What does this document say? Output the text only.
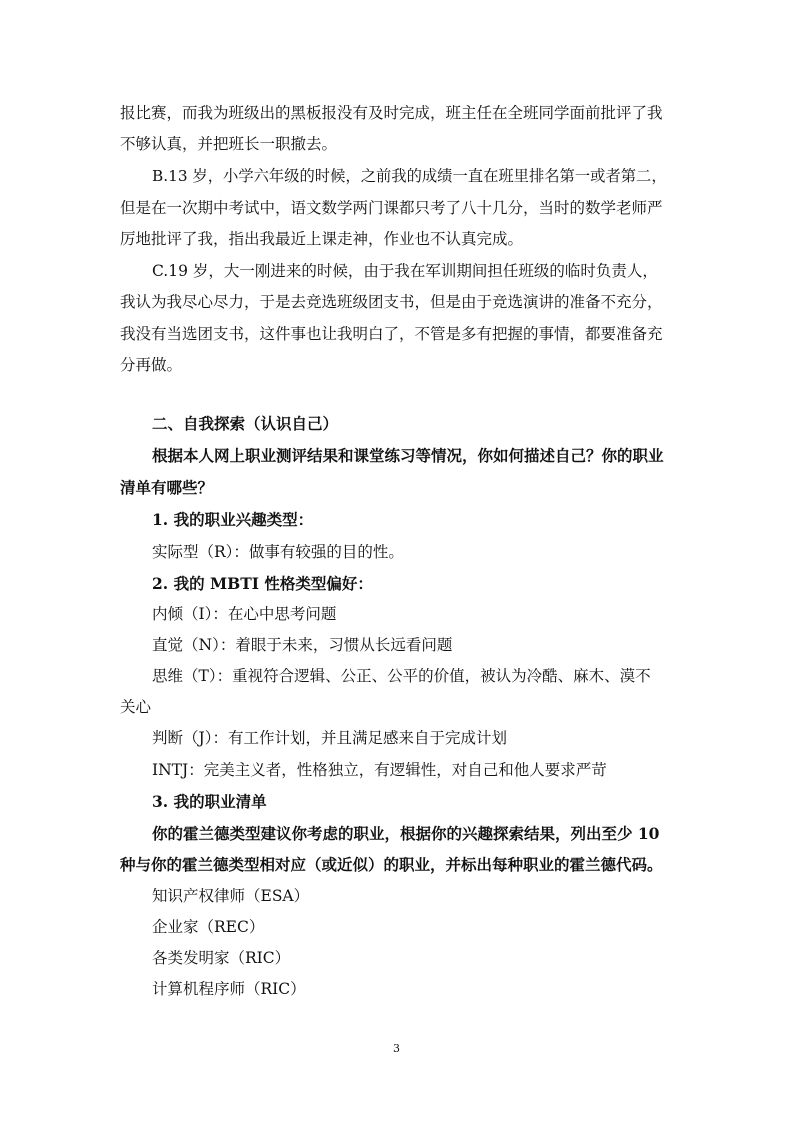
报比赛，而我为班级出的黑板报没有及时完成，班主任在全班同学面前批评了我

不够认真，并把班长一职撤去。

B.13 岁，小学六年级的时候，之前我的成绩一直在班里排名第一或者第二，

但是在一次期中考试中，语文数学两门课都只考了八十几分，当时的数学老师严

厉地批评了我，指出我最近上课走神，作业也不认真完成。

C.19 岁，大一刚进来的时候，由于我在军训期间担任班级的临时负责人，

我认为我尽心尽力，于是去竞选班级团支书，但是由于竞选演讲的准备不充分，

我没有当选团支书，这件事也让我明白了，不管是多有把握的事情，都要准备充

分再做。

二、自我探索（认识自己）

根据本人网上职业测评结果和课堂练习等情况，你如何描述自己？你的职业

清单有哪些？

1. 我的职业兴趣类型：

实际型（R）：做事有较强的目的性。

2. 我的 MBTI 性格类型偏好：

内倾（I）：在心中思考问题

直觉（N）：着眼于未来，习惯从长远看问题

思维（T）：重视符合逻辑、公正、公平的价值，被认为冷酷、麻木、漠不

关心

判断（J）：有工作计划，并且满足感来自于完成计划

INTJ：完美主义者，性格独立，有逻辑性，对自己和他人要求严苛

3. 我的职业清单

你的霍兰德类型建议你考虑的职业，根据你的兴趣探索结果，列出至少 10

种与你的霍兰德类型相对应（或近似）的职业，并标出每种职业的霍兰德代码。

知识产权律师（ESA）

企业家（REC）

各类发明家（RIC）

计算机程序师（RIC）

3
